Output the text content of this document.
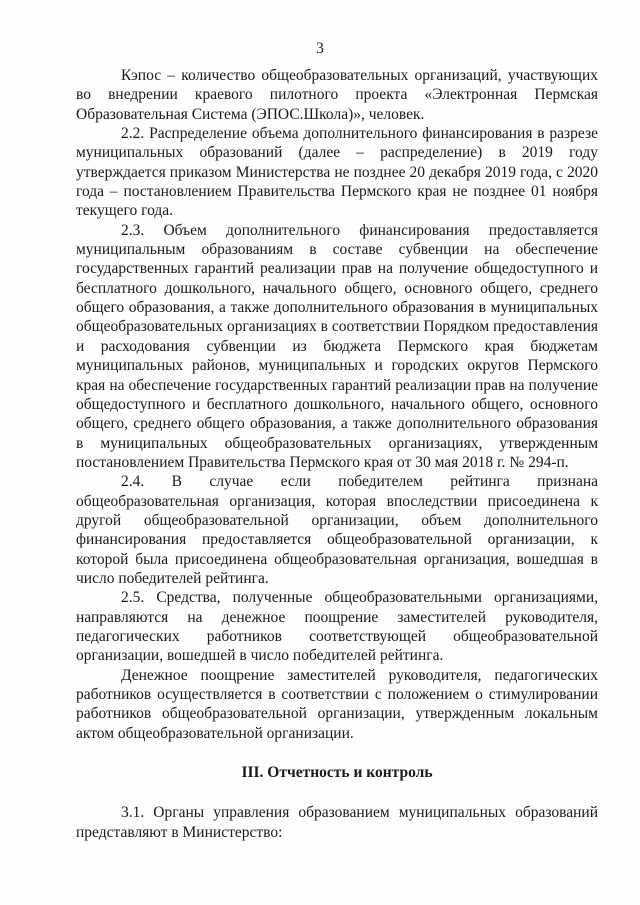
3

Кэпос – количество общеобразовательных организаций, участвующих во внедрении краевого пилотного проекта «Электронная Пермская Образовательная Система (ЭПОС.Школа)», человек.

2.2. Распределение объема дополнительного финансирования в разрезе муниципальных образований (далее – распределение) в 2019 году утверждается приказом Министерства не позднее 20 декабря 2019 года, с 2020 года – постановлением Правительства Пермского края не позднее 01 ноября текущего года.

2.3. Объем дополнительного финансирования предоставляется муниципальным образованиям в составе субвенции на обеспечение государственных гарантий реализации прав на получение общедоступного и бесплатного дошкольного, начального общего, основного общего, среднего общего образования, а также дополнительного образования в муниципальных общеобразовательных организациях в соответствии Порядком предоставления и расходования субвенции из бюджета Пермского края бюджетам муниципальных районов, муниципальных и городских округов Пермского края на обеспечение государственных гарантий реализации прав на получение общедоступного и бесплатного дошкольного, начального общего, основного общего, среднего общего образования, а также дополнительного образования в муниципальных общеобразовательных организациях, утвержденным постановлением Правительства Пермского края от 30 мая 2018 г. № 294-п.

2.4. В случае если победителем рейтинга признана общеобразовательная организация, которая впоследствии присоединена к другой общеобразовательной организации, объем дополнительного финансирования предоставляется общеобразовательной организации, к которой была присоединена общеобразовательная организация, вошедшая в число победителей рейтинга.

2.5. Средства, полученные общеобразовательными организациями, направляются на денежное поощрение заместителей руководителя, педагогических работников соответствующей общеобразовательной организации, вошедшей в число победителей рейтинга.

Денежное поощрение заместителей руководителя, педагогических работников осуществляется в соответствии с положением о стимулировании работников общеобразовательной организации, утвержденным локальным актом общеобразовательной организации.

III. Отчетность и контроль

3.1. Органы управления образованием муниципальных образований представляют в Министерство:
